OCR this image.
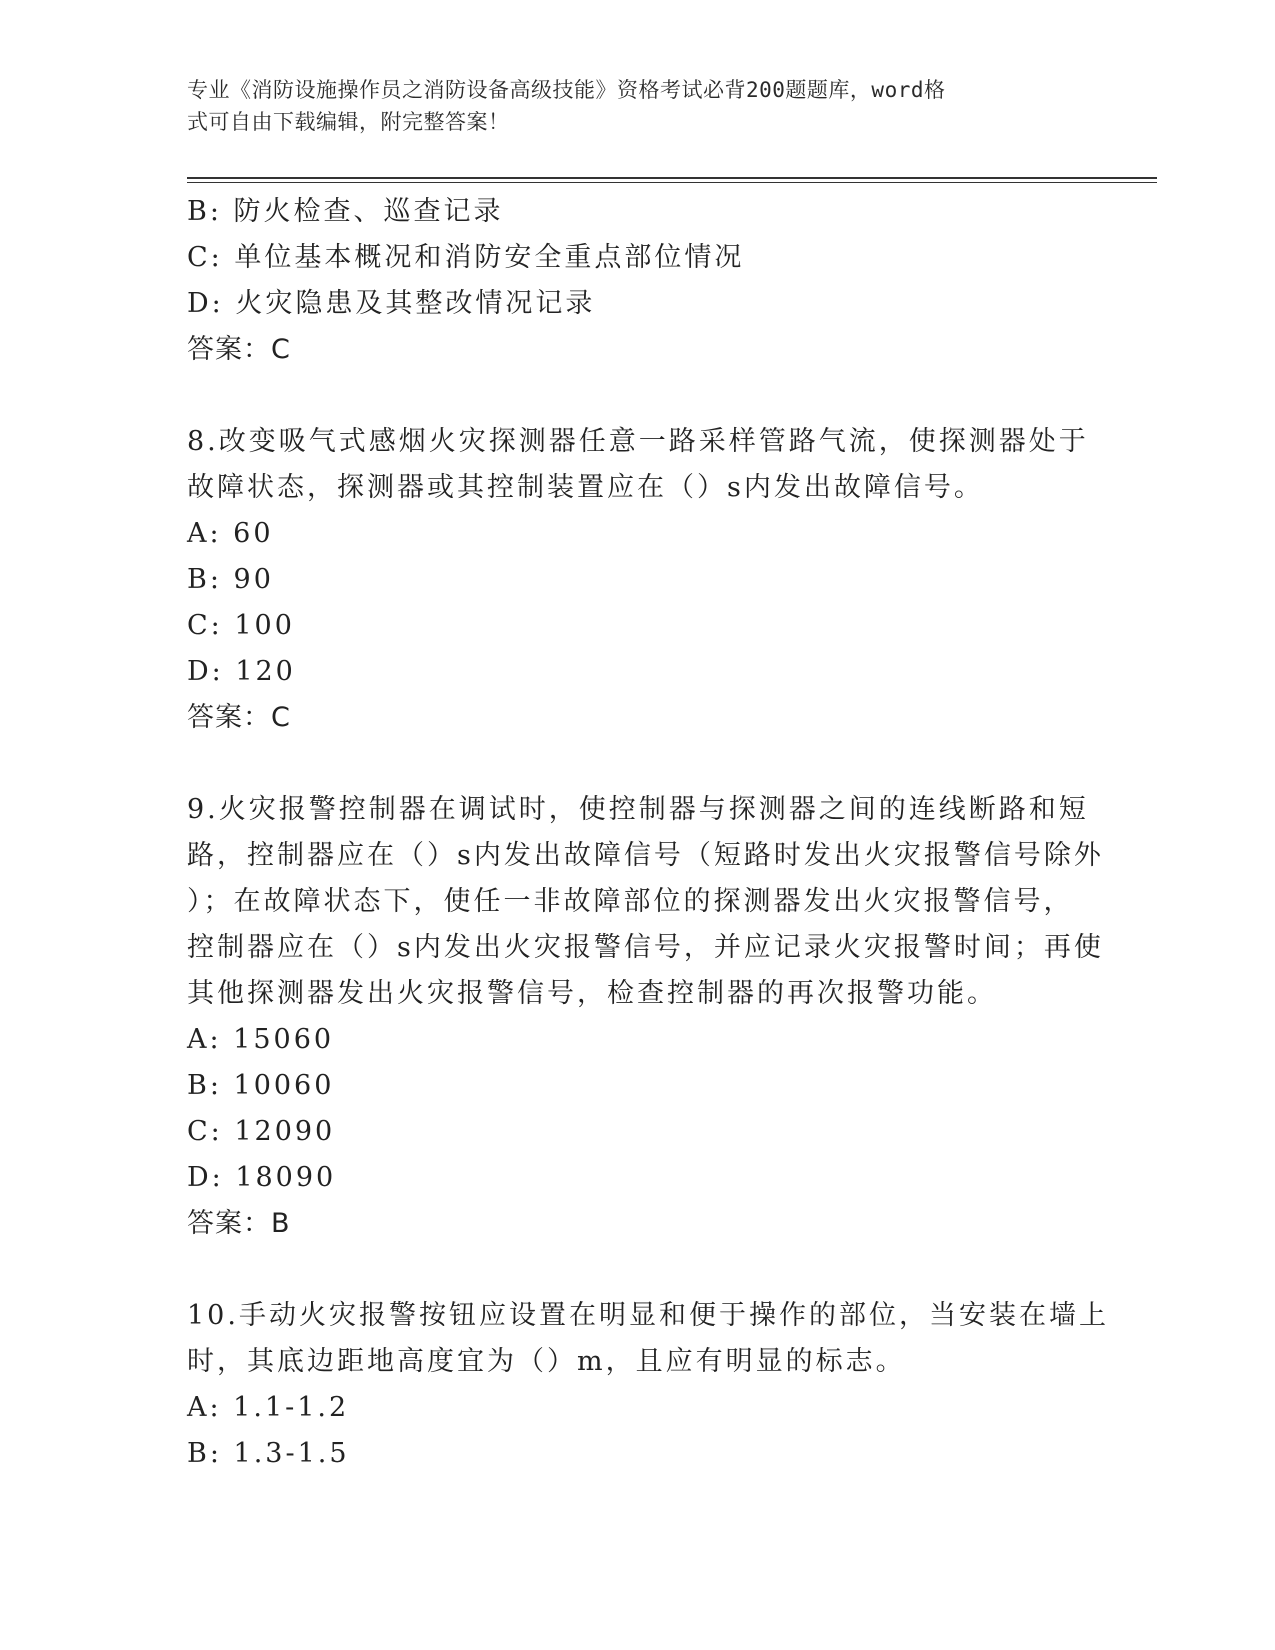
专业《消防设施操作员之消防设备高级技能》资格考试必背200题题库，word格
式可自由下载编辑，附完整答案！
B: 防火检查、巡查记录
C: 单位基本概况和消防安全重点部位情况
D: 火灾隐患及其整改情况记录
答案：C
8.改变吸气式感烟火灾探测器任意一路采样管路气流，使探测器处于
故障状态，探测器或其控制装置应在（）s内发出故障信号。
A: 60
B: 90
C: 100
D: 120
答案：C
9.火灾报警控制器在调试时，使控制器与探测器之间的连线断路和短
路，控制器应在（）s内发出故障信号（短路时发出火灾报警信号除外
）；在故障状态下，使任一非故障部位的探测器发出火灾报警信号，
控制器应在（）s内发出火灾报警信号，并应记录火灾报警时间；再使
其他探测器发出火灾报警信号，检查控制器的再次报警功能。
A: 15060
B: 10060
C: 12090
D: 18090
答案：B
10.手动火灾报警按钮应设置在明显和便于操作的部位，当安装在墙上
时，其底边距地高度宜为（）m，且应有明显的标志。
A: 1.1-1.2
B: 1.3-1.5
